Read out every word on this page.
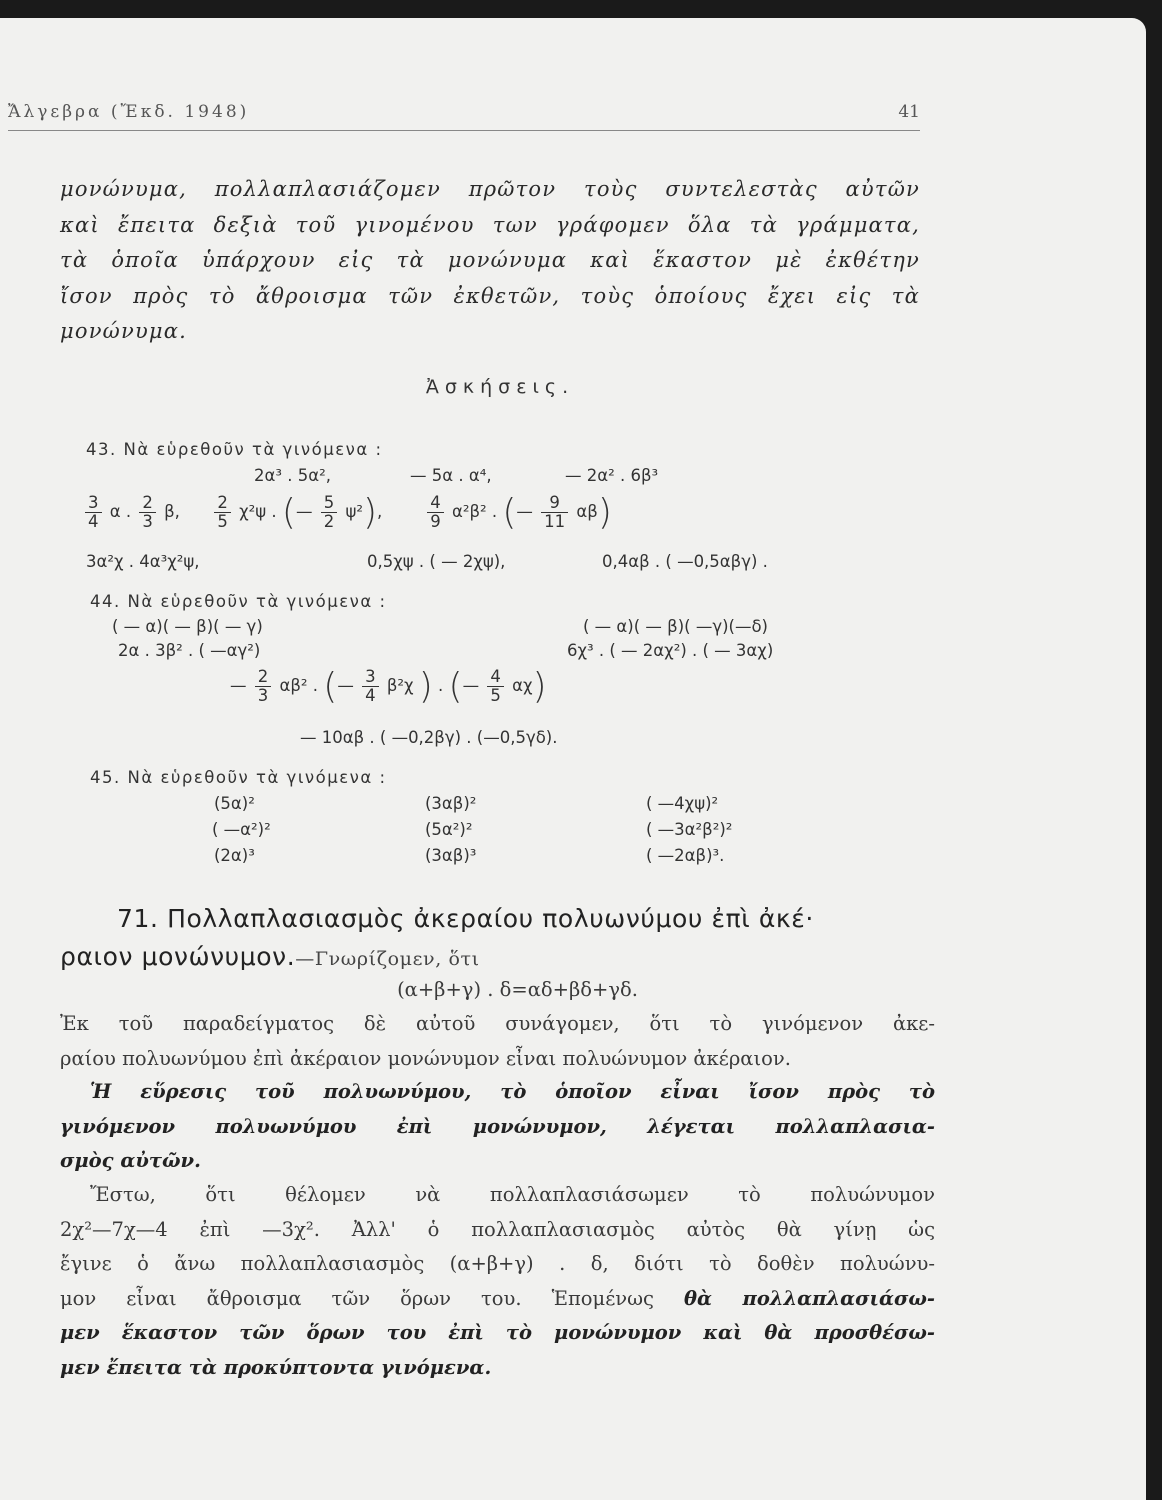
Ἄλγεβρα (Ἔκδ. 1948)	41
μονώνυμα, πολλαπλασιάζομεν πρῶτον τοὺς συντελεστὰς αὐτῶν
καὶ ἔπειτα δεξιὰ τοῦ γινομένου των γράφομεν ὅλα τὰ γράμματα,
τὰ ὁποῖα ὑπάρχουν εἰς τὰ μονώνυμα καὶ ἕκαστον μὲ ἐκθέτην
ἴσον πρὸς τὸ ἄθροισμα τῶν ἐκθετῶν, τοὺς ὁποίους ἔχει εἰς τὰ
μονώνυμα.
Ἀσκήσεις.
43. Νὰ εὑρεθοῦν τὰ γινόμενα :
2α³ . 5α²,	— 5α . α⁴,	— 2α² . 6β³
$\frac{3}{4}$ α . $\frac{2}{3} \beta$, $\frac{2}{5} \chi^2\psi$ . (— $\frac{5}{2} \psi^2$),	$\frac{4}{9} \alpha^2\beta^2$ . (— $\frac{9}{11} \alpha\beta$)
3α²χ . 4α³χ²ψ,	0,5χψ . ( — 2χψ),	0,4αβ . ( —0,5αβγ) .
44. Νὰ εὑρεθοῦν τὰ γινόμενα :
( — α)( — β)( — γ)	( — α)( — β)( —γ)(—δ)
2α . 3β² . ( —αγ²)	6χ³ . ( — 2αχ²) . ( — 3αχ)
— $\frac{2}{3} \alpha\beta^2$ . (— $\frac{3}{4} \beta^2\chi$ ) . (— $\frac{4}{5} \alpha\chi$)
— 10αβ . ( —0,2βγ) . (—0,5γδ).
45. Νὰ εὑρεθοῦν τὰ γινόμενα :
(5α)²	(3αβ)²	( —4χψ)²
( —α²)²	(5α²)²	( —3α²β²)²
(2α)³	(3αβ)³	( —2αβ)³.
71. Πολλαπλασιασμὸς ἀκεραίου πολυωνύμου ἐπὶ ἀκέ·
ραιον μονώνυμον.—Γνωρίζομεν, ὅτι
(α+β+γ) . δ=αδ+βδ+γδ.
Ἐκ τοῦ παραδείγματος δὲ αὐτοῦ συνάγομεν, ὅτι τὸ γινόμενον ἀκε-
ραίου πολυωνύμου ἐπὶ ἀκέραιον μονώνυμον εἶναι πολυώνυμον ἀκέραιον.
Ἡ εὕρεσις τοῦ πολυωνύμου, τὸ ὁποῖον εἶναι ἴσον πρὸς τὸ
γινόμενον πολυωνύμου ἐπὶ μονώνυμον, λέγεται πολλαπλασια-
σμὸς αὐτῶν.
Ἔστω, ὅτι θέλομεν νὰ πολλαπλασιάσωμεν τὸ πολυώνυμον
2χ²—7χ—4 ἐπὶ —3χ². Ἀλλ' ὁ πολλαπλασιασμὸς αὐτὸς θὰ γίνῃ ὡς
ἔγινε ὁ ἄνω πολλαπλασιασμὸς (α+β+γ) . δ, διότι τὸ δοθὲν πολυώνυ-
μον εἶναι ἄθροισμα τῶν ὅρων του. Ἑπομένως θὰ πολλαπλασιάσω-
μεν ἕκαστον τῶν ὅρων του ἐπὶ τὸ μονώνυμον καὶ θὰ προσθέσω-
μεν ἔπειτα τὰ προκύπτοντα γινόμενα.
